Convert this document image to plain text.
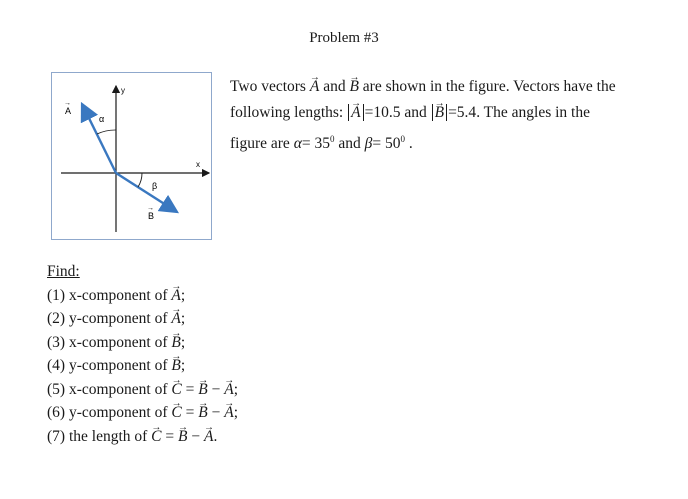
Problem #3
Two vectors → A and → B are shown in the figure. Vectors have the following lengths: → A =10.5 and → B =5.4. The angles in the figure are $\alpha= 35^0$ and $\beta= 50^0$ .
A
→
α
y
x
β
B
→
Find:
(1) x-component of → A;
(2) y-component of → A;
(3) x-component of → B;
(4) y-component of → B;
(5) x-component of → C = → B − → A;
(6) y-component of → C = → B − → A;
(7) the length of → C = → B − → A.
